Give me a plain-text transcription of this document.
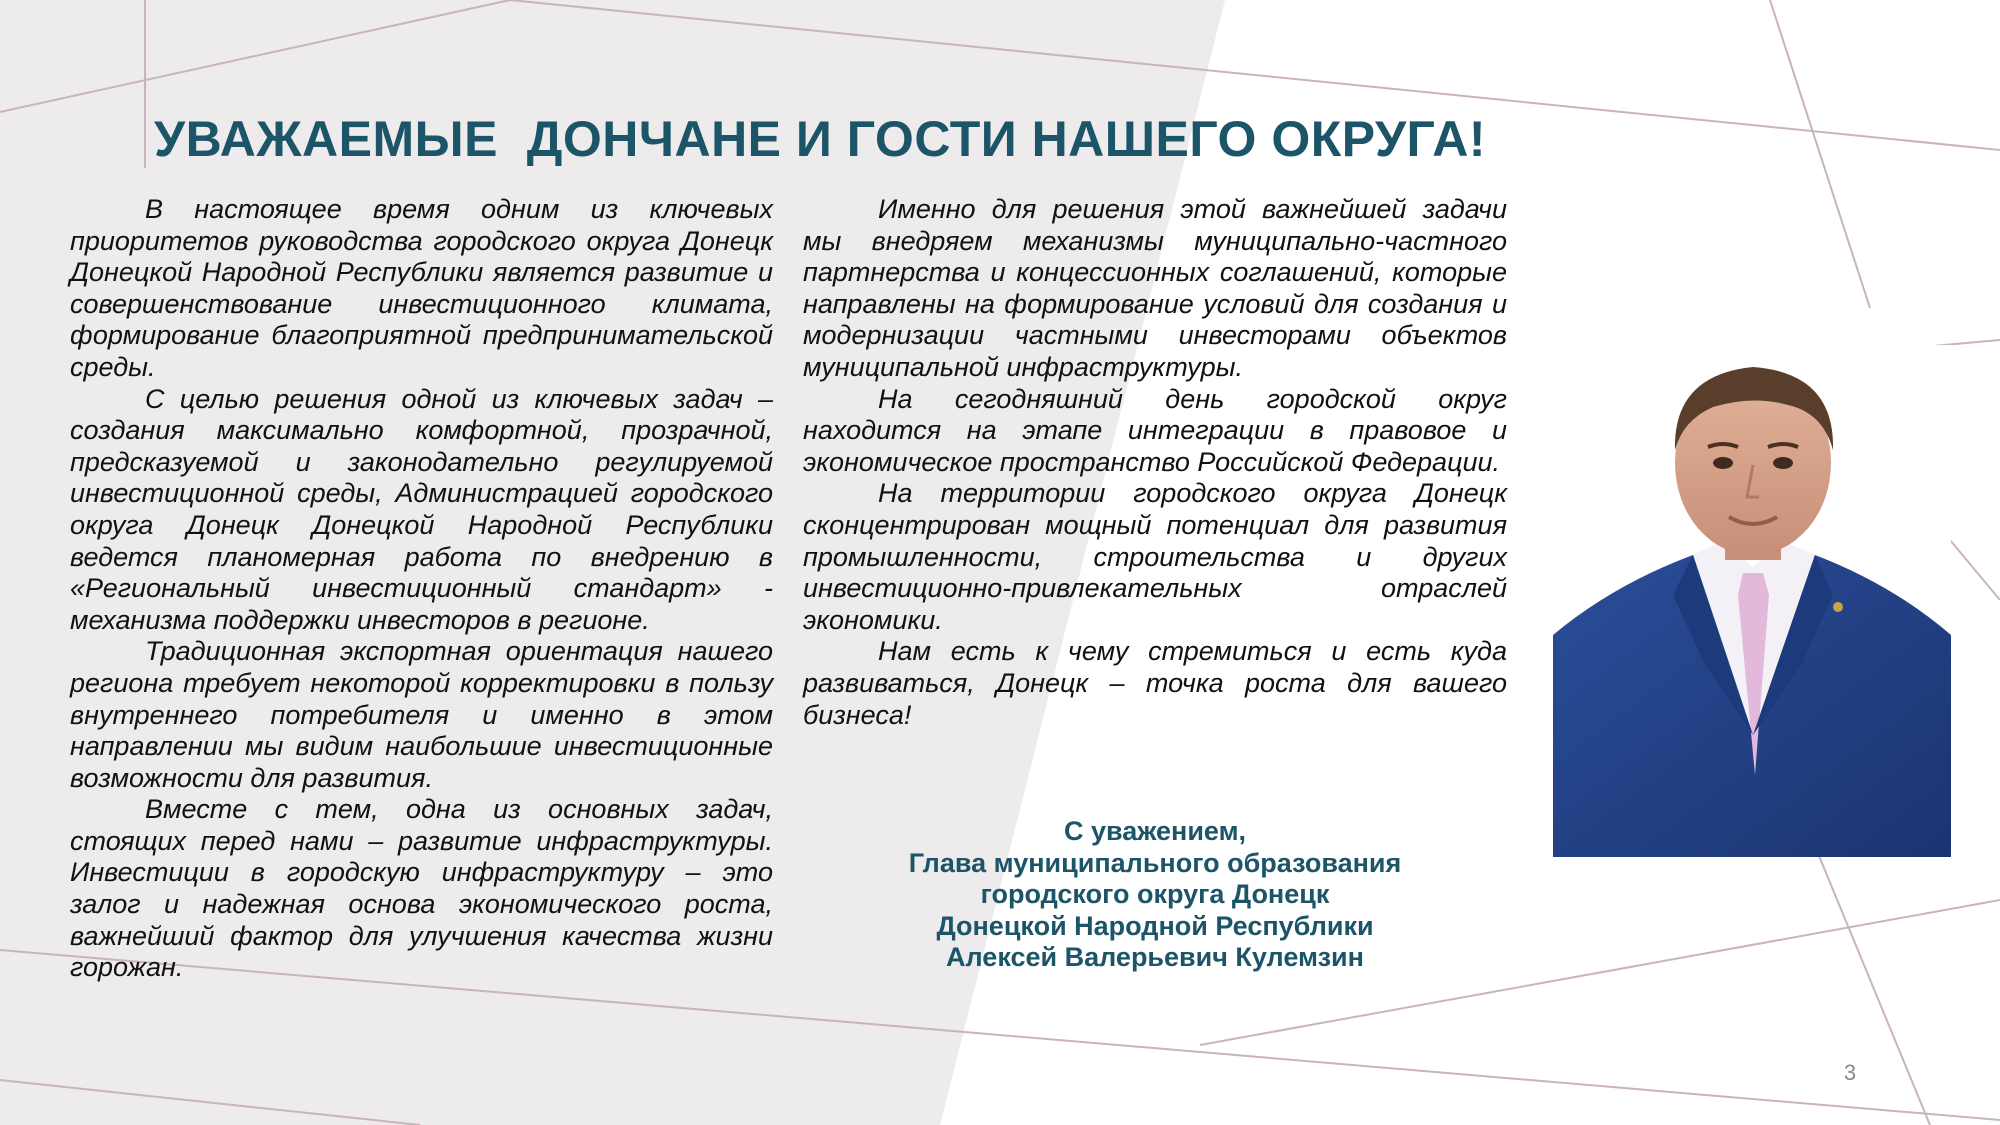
УВАЖАЕМЫЕ  ДОНЧАНЕ И ГОСТИ НАШЕГО ОКРУГА!

В настоящее время одним из ключевых приоритетов руководства городского округа Донецк Донецкой Народной Республики является развитие и совершенствование инвестиционного климата, формирование благоприятной предпринимательской среды.

С целью решения одной из ключевых задач – создания максимально комфортной, прозрачной, предсказуемой и законодательно регулируемой инвестиционной среды, Администрацией городского округа Донецк Донецкой Народной Республики ведется планомерная работа по внедрению в «Региональный инвестиционный стандарт» - механизма поддержки инвесторов в регионе.

Традиционная экспортная ориентация нашего региона требует некоторой корректировки в пользу внутреннего потребителя и именно в этом направлении мы видим наибольшие инвестиционные возможности для развития.

Вместе с тем, одна из основных задач, стоящих перед нами – развитие инфраструктуры. Инвестиции в городскую инфраструктуру – это залог и надежная основа экономического роста, важнейший фактор для улучшения качества жизни горожан.

Именно для решения этой важнейшей задачи мы внедряем механизмы муниципально-частного партнерства и концессионных соглашений, которые направлены на формирование условий для создания и модернизации частными инвесторами объектов муниципальной инфраструктуры.

На сегодняшний день городской округ находится на этапе интеграции в правовое и экономическое пространство Российской Федерации.

На территории городского округа Донецк сконцентрирован мощный потенциал для развития промышленности, строительства и других инвестиционно-привлекательных отраслей экономики.

Нам есть к чему стремиться и есть куда развиваться, Донецк – точка роста для вашего бизнеса!

С уважением,
Глава муниципального образования
городского округа Донецк
Донецкой Народной Республики
Алексей Валерьевич Кулемзин
3
